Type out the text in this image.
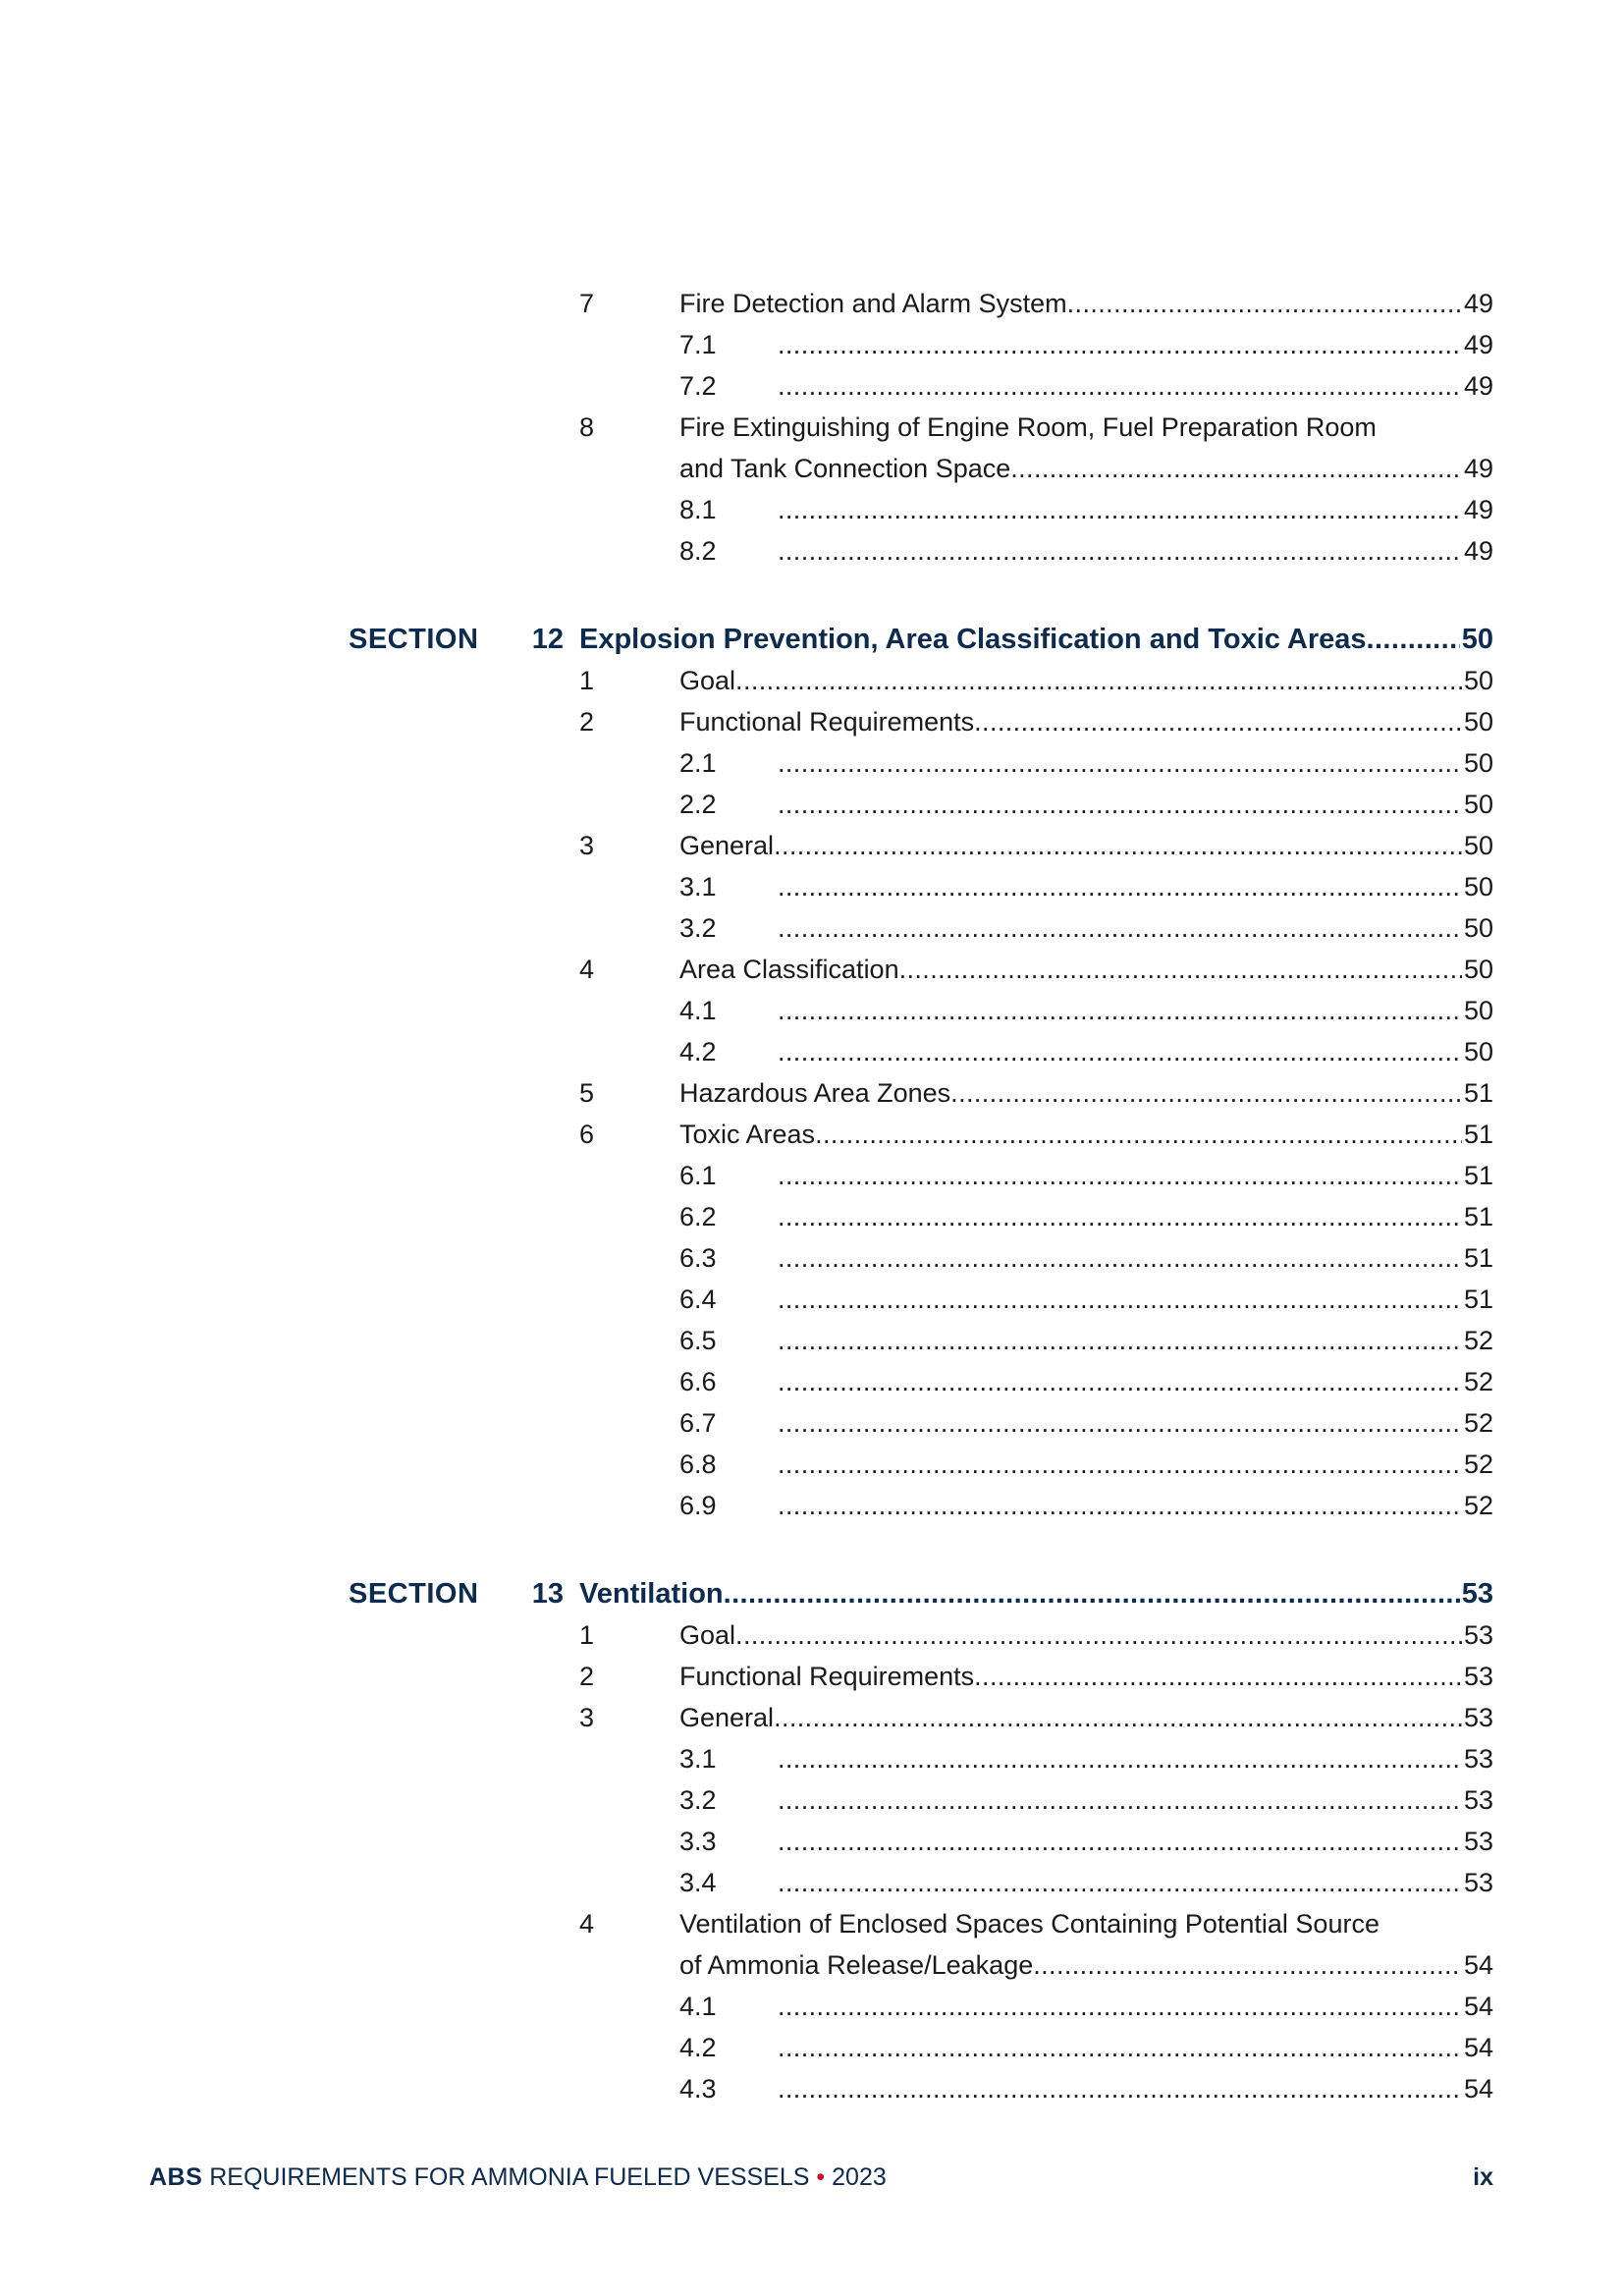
7	Fire Detection and Alarm System .....	49
7.1 .....	49
7.2 .....	49
8	Fire Extinguishing of Engine Room, Fuel Preparation Room
and Tank Connection Space .....	49
8.1 .....	49
8.2 .....	49
SECTION 12 Explosion Prevention, Area Classification and Toxic Areas .....	50
1	Goal .....	50
2	Functional Requirements .....	50
2.1 .....	50
2.2 .....	50
3	General .....	50
3.1 .....	50
3.2 .....	50
4	Area Classification .....	50
4.1 .....	50
4.2 .....	50
5	Hazardous Area Zones .....	51
6	Toxic Areas .....	51
6.1 .....	51
6.2 .....	51
6.3 .....	51
6.4 .....	51
6.5 .....	52
6.6 .....	52
6.7 .....	52
6.8 .....	52
6.9 .....	52
SECTION 13 Ventilation .....	53
1	Goal .....	53
2	Functional Requirements .....	53
3	General .....	53
3.1 .....	53
3.2 .....	53
3.3 .....	53
3.4 .....	53
4	Ventilation of Enclosed Spaces Containing Potential Source
of Ammonia Release/Leakage .....	54
4.1 .....	54
4.2 .....	54
4.3 .....	54
ABS REQUIREMENTS FOR AMMONIA FUELED VESSELS • 2023	ix
